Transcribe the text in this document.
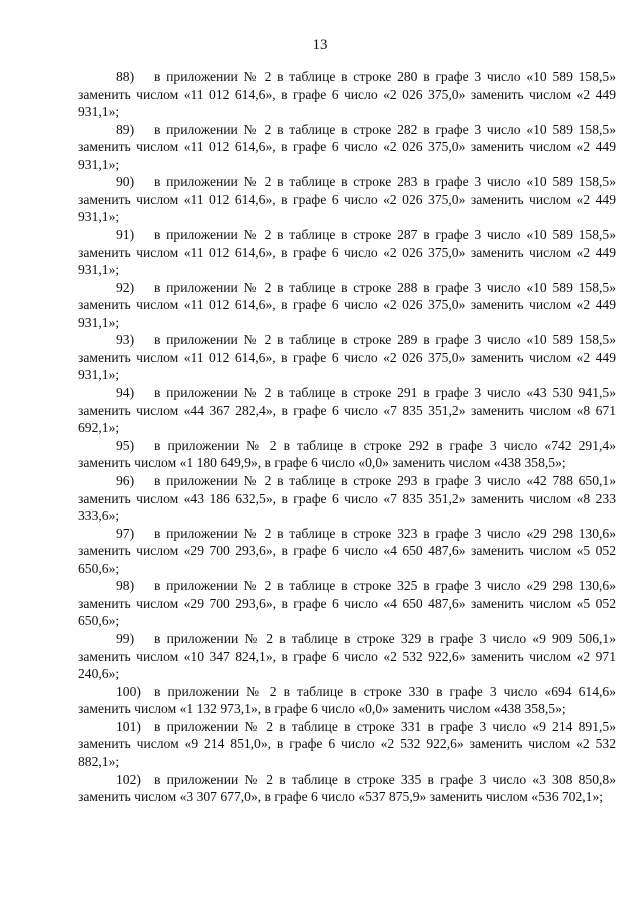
13

88) в приложении № 2 в таблице в строке 280 в графе 3 число «10 589 158,5» заменить числом «11 012 614,6», в графе 6 число «2 026 375,0» заменить числом «2 449 931,1»;

89) в приложении № 2 в таблице в строке 282 в графе 3 число «10 589 158,5» заменить числом «11 012 614,6», в графе 6 число «2 026 375,0» заменить числом «2 449 931,1»;

90) в приложении № 2 в таблице в строке 283 в графе 3 число «10 589 158,5» заменить числом «11 012 614,6», в графе 6 число «2 026 375,0» заменить числом «2 449 931,1»;

91) в приложении № 2 в таблице в строке 287 в графе 3 число «10 589 158,5» заменить числом «11 012 614,6», в графе 6 число «2 026 375,0» заменить числом «2 449 931,1»;

92) в приложении № 2 в таблице в строке 288 в графе 3 число «10 589 158,5» заменить числом «11 012 614,6», в графе 6 число «2 026 375,0» заменить числом «2 449 931,1»;

93) в приложении № 2 в таблице в строке 289 в графе 3 число «10 589 158,5» заменить числом «11 012 614,6», в графе 6 число «2 026 375,0» заменить числом «2 449 931,1»;

94) в приложении № 2 в таблице в строке 291 в графе 3 число «43 530 941,5» заменить числом «44 367 282,4», в графе 6 число «7 835 351,2» заменить числом «8 671 692,1»;

95) в приложении № 2 в таблице в строке 292 в графе 3 число «742 291,4» заменить числом «1 180 649,9», в графе 6 число «0,0» заменить числом «438 358,5»;

96) в приложении № 2 в таблице в строке 293 в графе 3 число «42 788 650,1» заменить числом «43 186 632,5», в графе 6 число «7 835 351,2» заменить числом «8 233 333,6»;

97) в приложении № 2 в таблице в строке 323 в графе 3 число «29 298 130,6» заменить числом «29 700 293,6», в графе 6 число «4 650 487,6» заменить числом «5 052 650,6»;

98) в приложении № 2 в таблице в строке 325 в графе 3 число «29 298 130,6» заменить числом «29 700 293,6», в графе 6 число «4 650 487,6» заменить числом «5 052 650,6»;

99) в приложении № 2 в таблице в строке 329 в графе 3 число «9 909 506,1» заменить числом «10 347 824,1», в графе 6 число «2 532 922,6» заменить числом «2 971 240,6»;

100) в приложении № 2 в таблице в строке 330 в графе 3 число «694 614,6» заменить числом «1 132 973,1», в графе 6 число «0,0» заменить числом «438 358,5»;

101) в приложении № 2 в таблице в строке 331 в графе 3 число «9 214 891,5» заменить числом «9 214 851,0», в графе 6 число «2 532 922,6» заменить числом «2 532 882,1»;

102) в приложении № 2 в таблице в строке 335 в графе 3 число «3 308 850,8» заменить числом «3 307 677,0», в графе 6 число «537 875,9» заменить числом «536 702,1»;
